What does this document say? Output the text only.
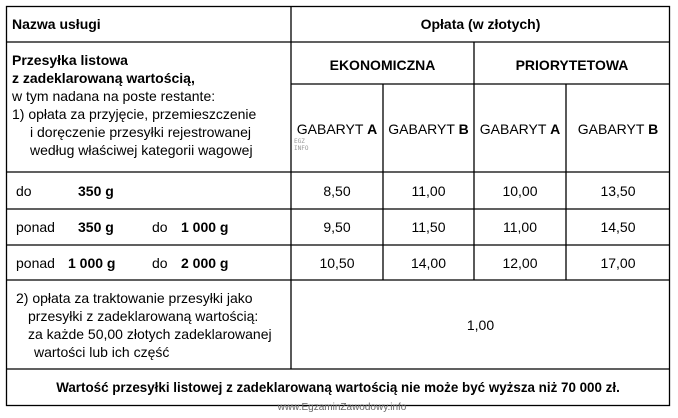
Nazwa usługi	Opłata (w złotych)
EKONOMICZNA	PRIORYTETOWA
GABARYT A GABARYT B GABARYT A	GABARYT B
Przesyłka listowa
z zadeklarowaną wartością,
w tym nadana na poste restante:
1) opłata za przyjęcie, przemieszczenie
i doręczenie przesyłki rejestrowanej
według właściwej kategorii wagowej
EGZ INFO
do	350 g	8,50	11,00	10,00	13,50
ponad 350 g	do 1 000 g	9,50	11,50	11,00	14,50
ponad 1 000 g	do 2 000 g	10,50	14,00	12,00	17,00
2) opłata za traktowanie przesyłki jako
przesyłki z zadeklarowaną wartością:
za każde 50,00 złotych zadeklarowanej
wartości lub ich część
1,00
Wartość przesyłki listowej z zadeklarowaną wartością nie może być wyższa niż 70 000 zł.
www.EgzaminZawodowy.info
